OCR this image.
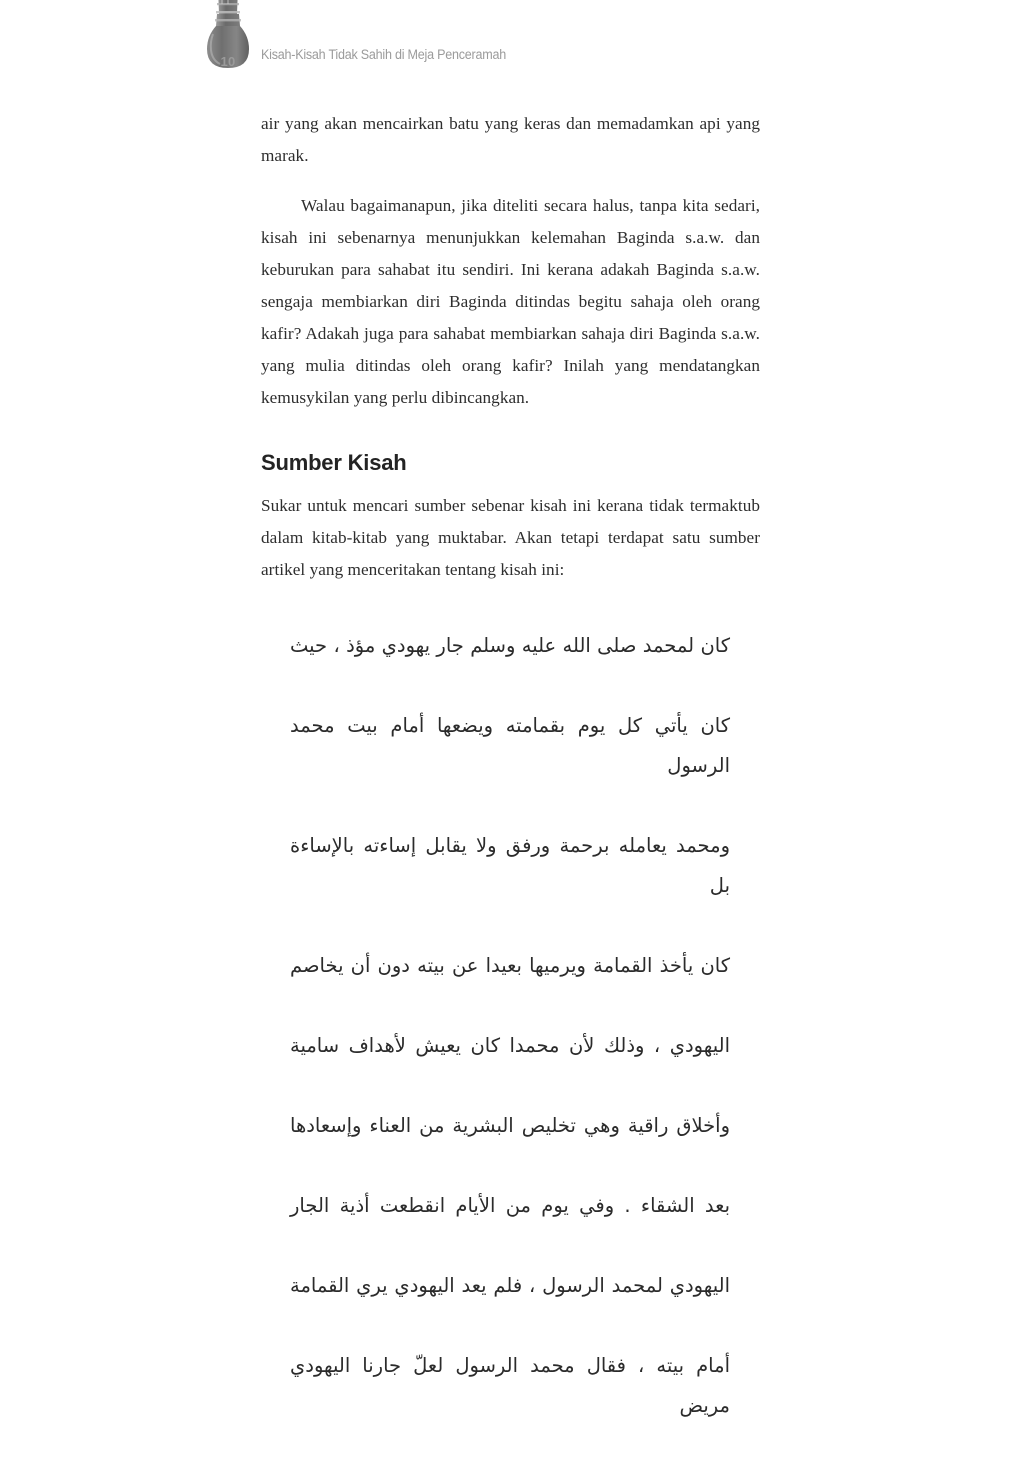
10	Kisah-Kisah Tidak Sahih di Meja Penceramah

air yang akan mencairkan batu yang keras dan memadamkan api yang marak.

Walau bagaimanapun, jika diteliti secara halus, tanpa kita sedari, kisah ini sebenarnya menunjukkan kelemahan Baginda s.a.w. dan keburukan para sahabat itu sendiri. Ini kerana adakah Baginda s.a.w. sengaja membiarkan diri Baginda ditindas begitu sahaja oleh orang kafir? Adakah juga para sahabat membiarkan sahaja diri Baginda s.a.w. yang mulia ditindas oleh orang kafir? Inilah yang mendatangkan kemusykilan yang perlu dibincangkan.

Sumber Kisah

Sukar untuk mencari sumber sebenar kisah ini kerana tidak termaktub dalam kitab-kitab yang muktabar. Akan tetapi terdapat satu sumber artikel yang menceritakan tentang kisah ini:

كان لمحمد صلى الله عليه وسلم جار يهودي مؤذ ، حيث

كان يأتي كل يوم بقمامته ويضعها أمام بيت محمد الرسول

ومحمد يعامله برحمة ورفق ولا يقابل إساءته بالإساءة بل

كان يأخذ القمامة ويرميها بعيدا عن بيته دون أن يخاصم

اليهودي ، وذلك لأن محمدا كان يعيش لأهداف سامية

وأخلاق راقية وهي تخليص البشرية من العناء وإسعادها

بعد الشقاء . وفي يوم من الأيام انقطعت أذية الجار

اليهودي لمحمد الرسول ، فلم يعد اليهودي يري القمامة

أمام بيته ، فقال محمد الرسول لعلّ جارنا اليهودي مريض
